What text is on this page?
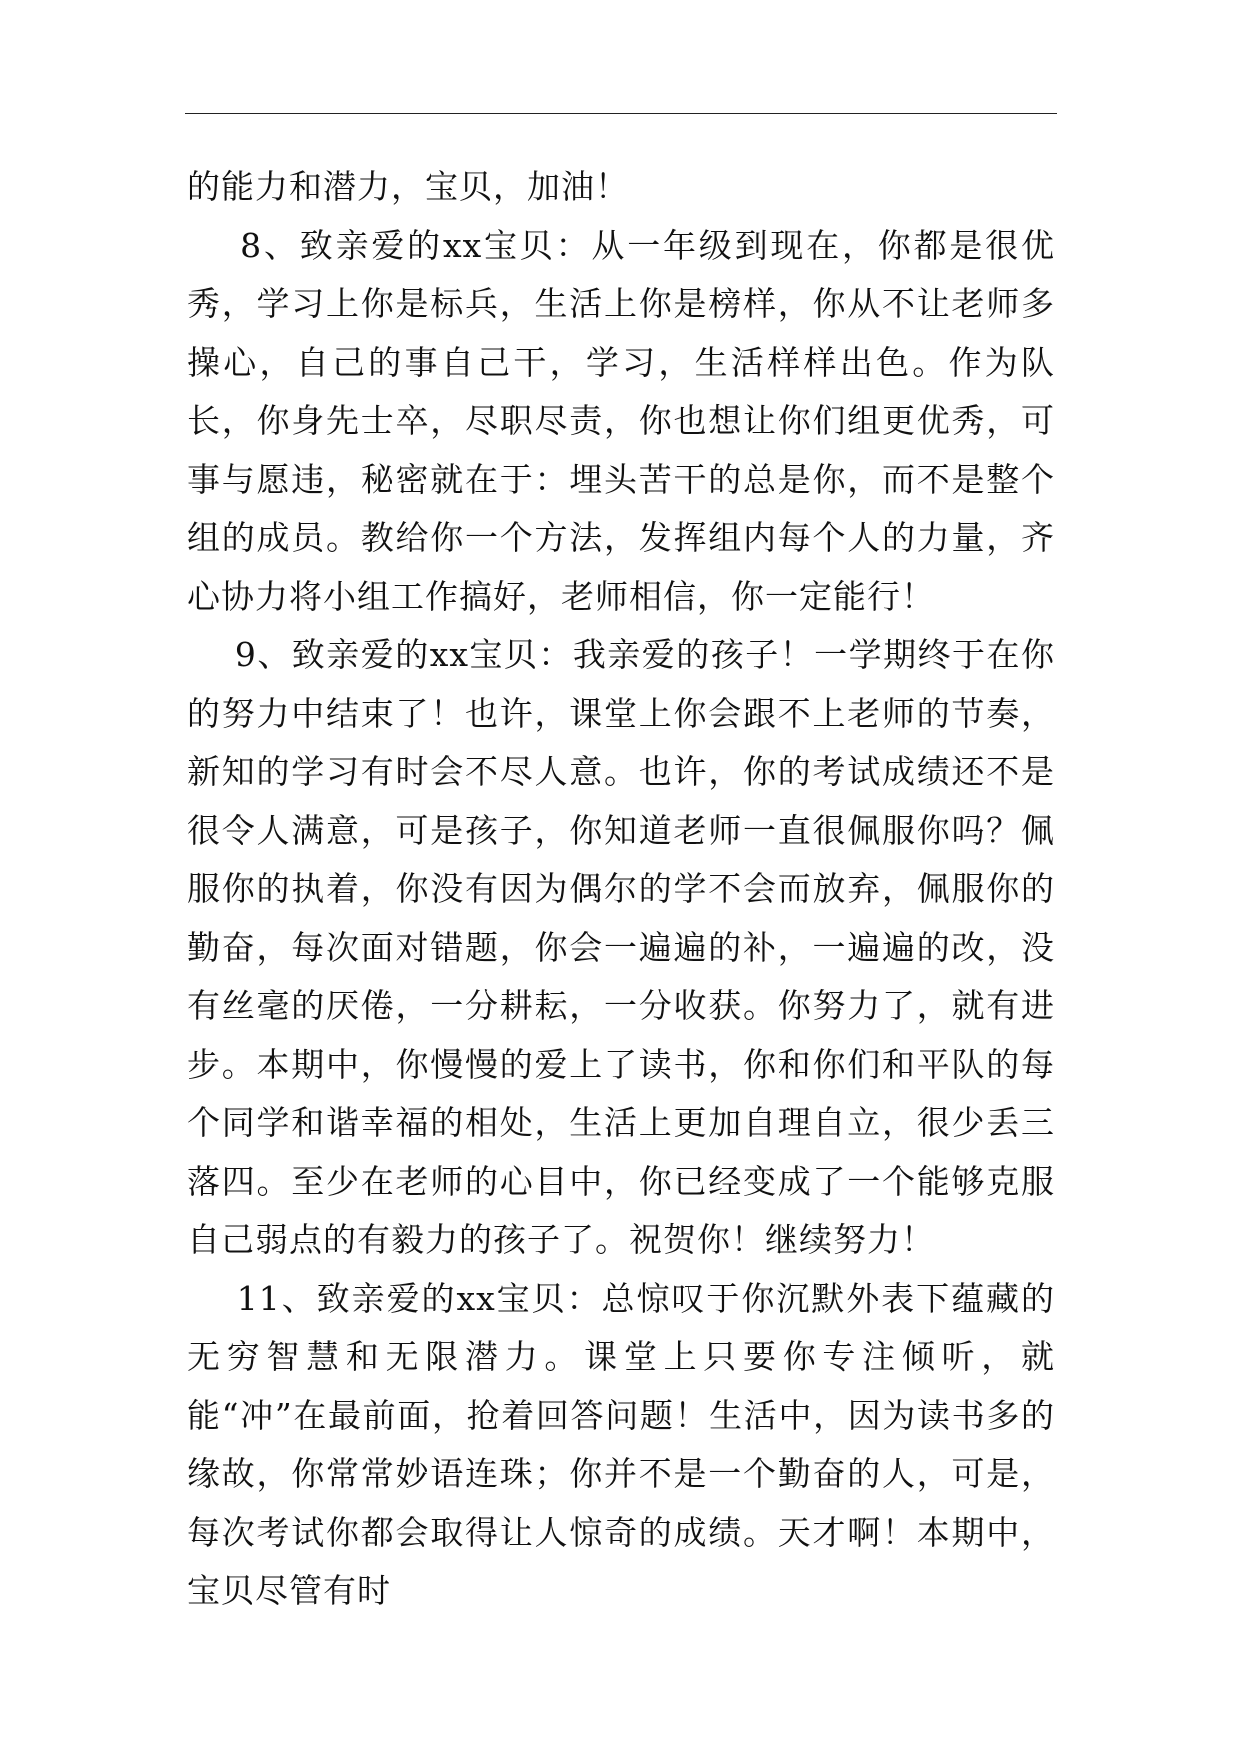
的能力和潜力，宝贝，加油！

8、致亲爱的xx宝贝：从一年级到现在，你都是很优秀，学习上你是标兵，生活上你是榜样，你从不让老师多操心，自己的事自己干，学习，生活样样出色。作为队长，你身先士卒，尽职尽责，你也想让你们组更优秀，可事与愿违，秘密就在于：埋头苦干的总是你，而不是整个组的成员。教给你一个方法，发挥组内每个人的力量，齐心协力将小组工作搞好，老师相信，你一定能行！

9、致亲爱的xx宝贝：我亲爱的孩子！一学期终于在你的努力中结束了！也许，课堂上你会跟不上老师的节奏，新知的学习有时会不尽人意。也许，你的考试成绩还不是很令人满意，可是孩子，你知道老师一直很佩服你吗？佩服你的执着，你没有因为偶尔的学不会而放弃，佩服你的勤奋，每次面对错题，你会一遍遍的补，一遍遍的改，没有丝毫的厌倦，一分耕耘，一分收获。你努力了，就有进步。本期中，你慢慢的爱上了读书，你和你们和平队的每个同学和谐幸福的相处，生活上更加自理自立，很少丢三落四。至少在老师的心目中，你已经变成了一个能够克服自己弱点的有毅力的孩子了。祝贺你！继续努力！

11、致亲爱的xx宝贝：总惊叹于你沉默外表下蕴藏的无穷智慧和无限潜力。课堂上只要你专注倾听，就能“冲”在最前面，抢着回答问题！生活中，因为读书多的缘故，你常常妙语连珠；你并不是一个勤奋的人，可是，每次考试你都会取得让人惊奇的成绩。天才啊！本期中，宝贝尽管有时
